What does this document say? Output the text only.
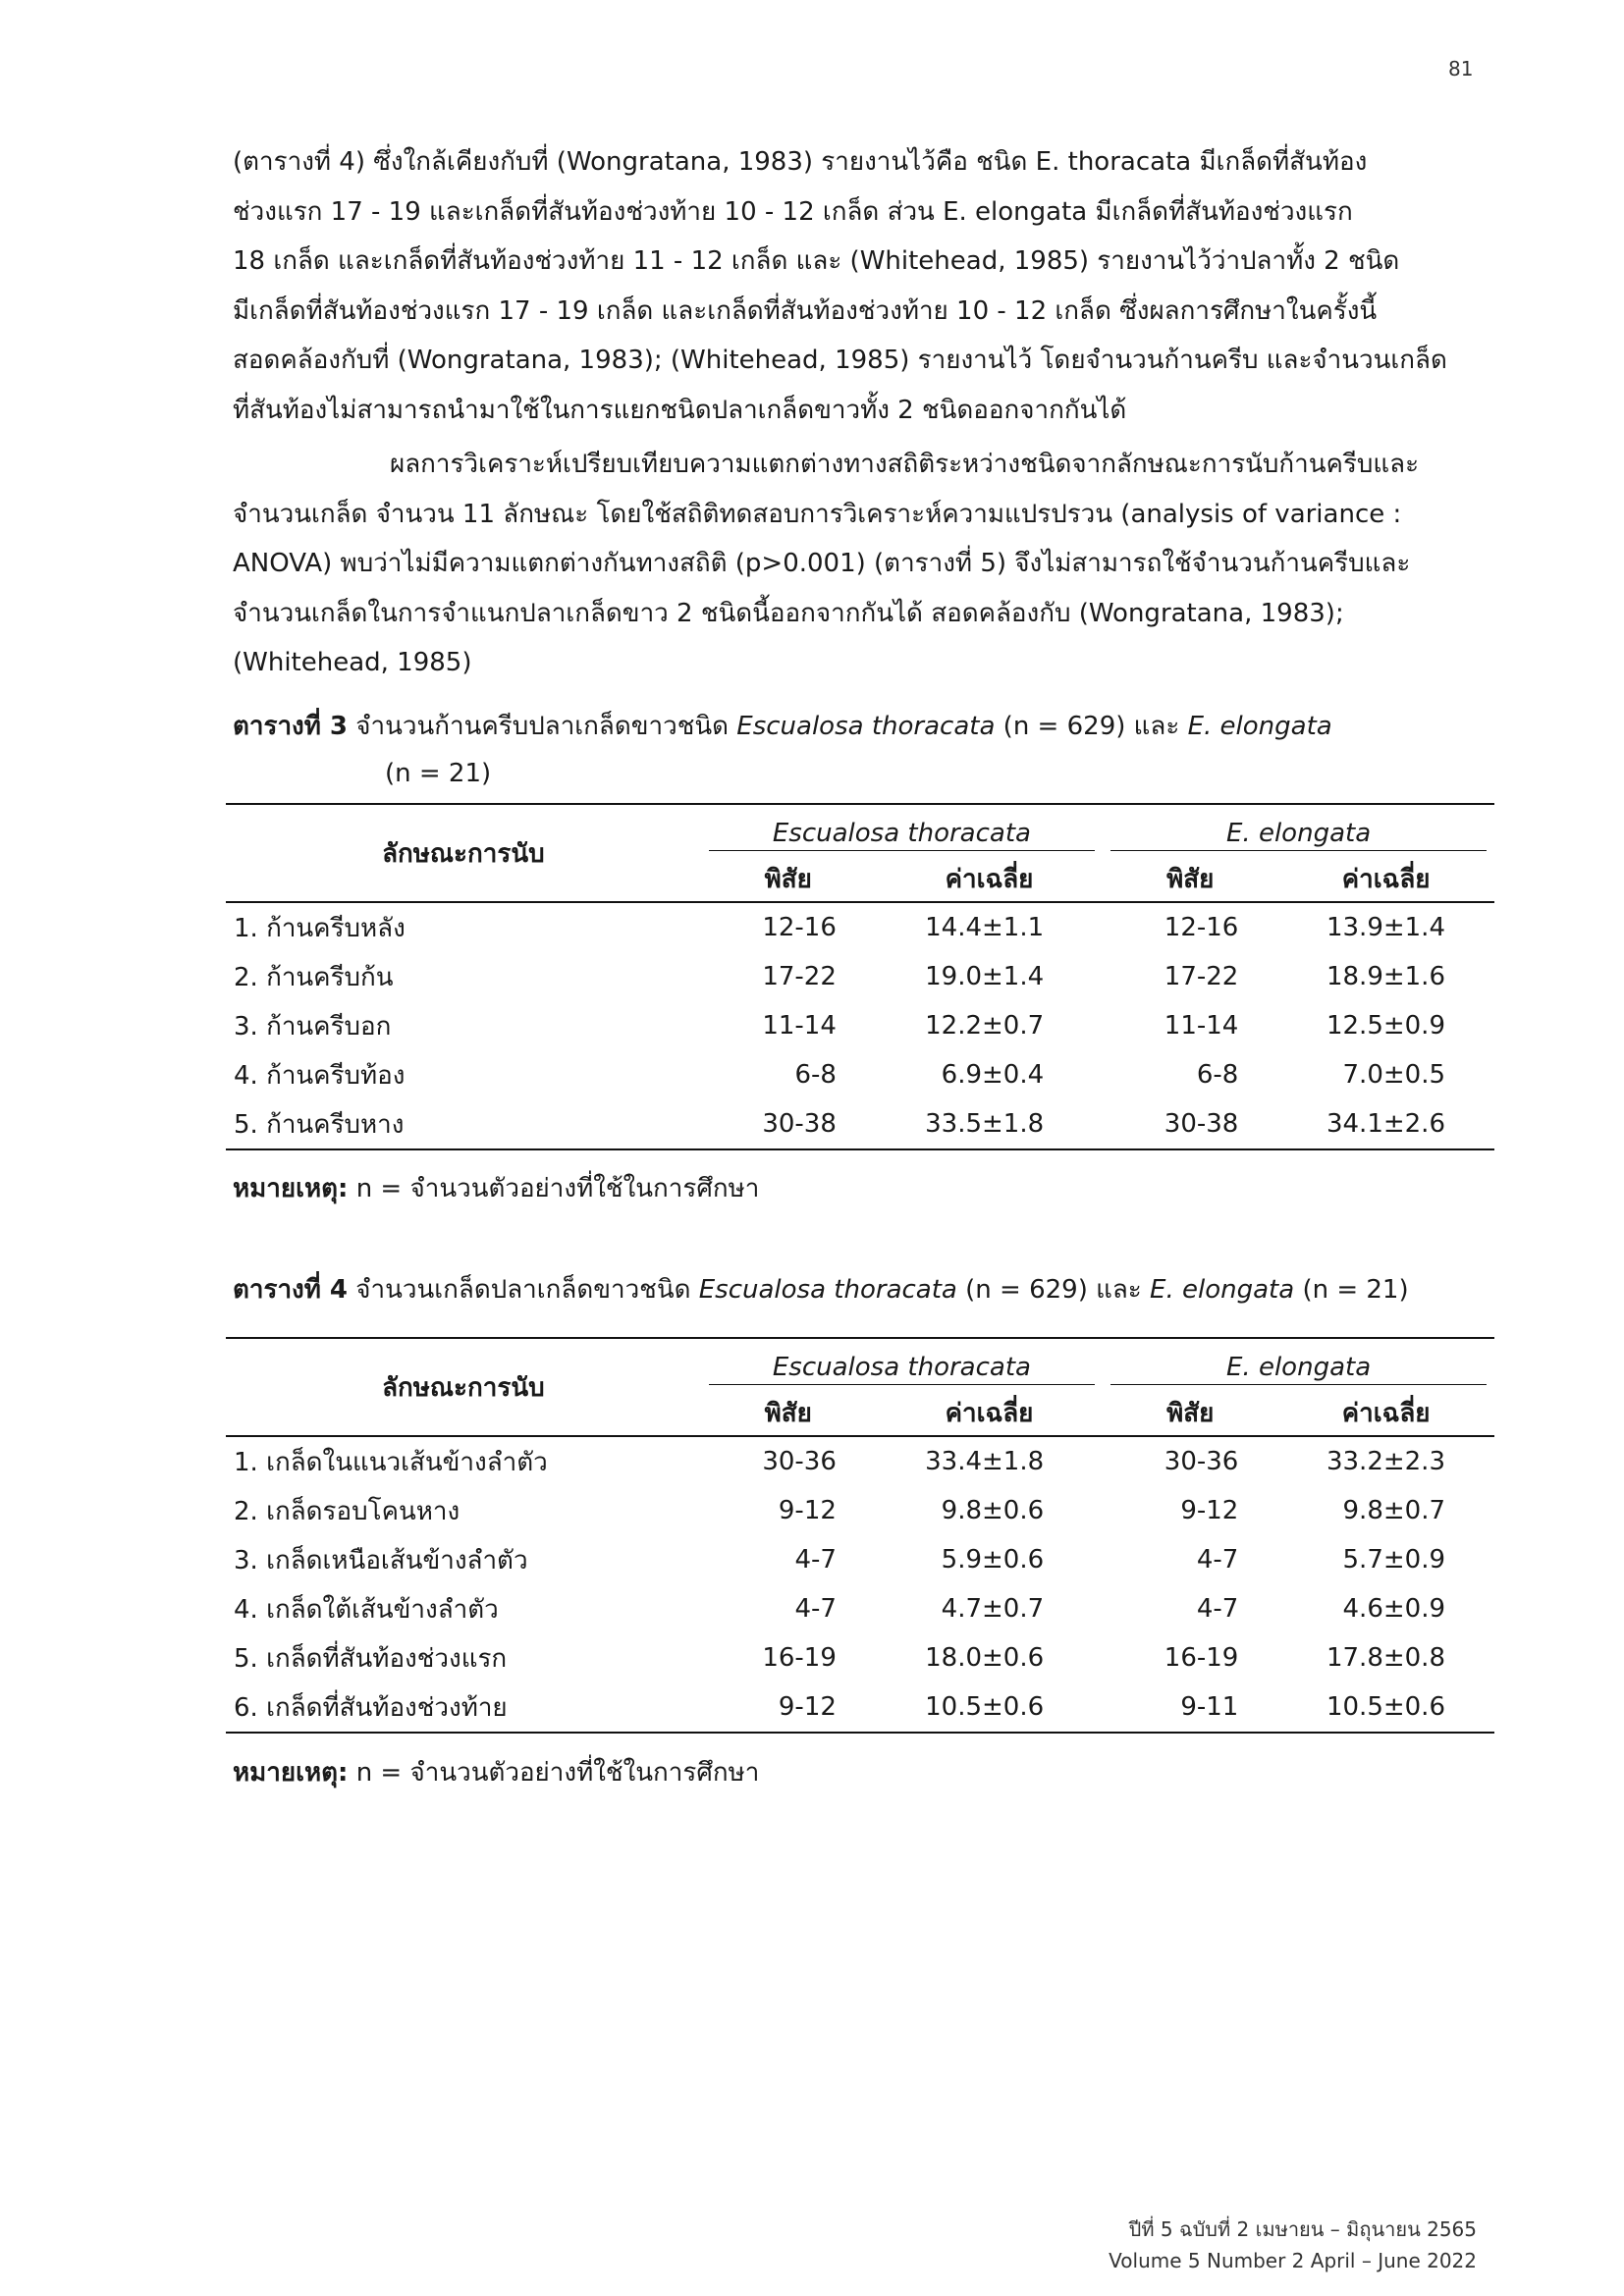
81
(ตารางที่ 4) ซึ่งใกล้เคียงกับที่ (Wongratana, 1983) รายงานไว้คือ ชนิด E. thoracata มีเกล็ดที่สันท้อง
ช่วงแรก 17 - 19 และเกล็ดที่สันท้องช่วงท้าย 10 - 12 เกล็ด ส่วน E. elongata มีเกล็ดที่สันท้องช่วงแรก
18 เกล็ด และเกล็ดที่สันท้องช่วงท้าย 11 - 12 เกล็ด และ (Whitehead, 1985) รายงานไว้ว่าปลาทั้ง 2 ชนิด
มีเกล็ดที่สันท้องช่วงแรก 17 - 19 เกล็ด และเกล็ดที่สันท้องช่วงท้าย 10 - 12 เกล็ด ซึ่งผลการศึกษาในครั้งนี้
สอดคล้องกับที่ (Wongratana, 1983); (Whitehead, 1985) รายงานไว้ โดยจำนวนก้านครีบ และจำนวนเกล็ด
ที่สันท้องไม่สามารถนำมาใช้ในการแยกชนิดปลาเกล็ดขาวทั้ง 2 ชนิดออกจากกันได้
ผลการวิเคราะห์เปรียบเทียบความแตกต่างทางสถิติระหว่างชนิดจากลักษณะการนับก้านครีบและ
จำนวนเกล็ด จำนวน 11 ลักษณะ โดยใช้สถิติทดสอบการวิเคราะห์ความแปรปรวน (analysis of variance :
ANOVA) พบว่าไม่มีความแตกต่างกันทางสถิติ (p>0.001) (ตารางที่ 5) จึงไม่สามารถใช้จำนวนก้านครีบและ
จำนวนเกล็ดในการจำแนกปลาเกล็ดขาว 2 ชนิดนี้ออกจากกันได้ สอดคล้องกับ (Wongratana, 1983);
(Whitehead, 1985)
ตารางที่ 3 จำนวนก้านครีบปลาเกล็ดขาวชนิด Escualosa thoracata (n = 629) และ E. elongata
(n = 21)
ลักษณะการนับ	Escualosa thoracata		E. elongata	

	พิสัย	ค่าเฉลี่ย	พิสัย	ค่าเฉลี่ย
1. ก้านครีบหลัง	12-16	14.4±1.1	12-16	13.9±1.4
2. ก้านครีบก้น	17-22	19.0±1.4	17-22	18.9±1.6
3. ก้านครีบอก	11-14	12.2±0.7	11-14	12.5±0.9
4. ก้านครีบท้อง	6-8	6.9±0.4	6-8	7.0±0.5
5. ก้านครีบหาง	30-38	33.5±1.8	30-38	34.1±2.6
หมายเหตุ: n = จำนวนตัวอย่างที่ใช้ในการศึกษา
ตารางที่ 4 จำนวนเกล็ดปลาเกล็ดขาวชนิด Escualosa thoracata (n = 629) และ E. elongata (n = 21)
ลักษณะการนับ	Escualosa thoracata		E. elongata	

	พิสัย	ค่าเฉลี่ย	พิสัย	ค่าเฉลี่ย
1. เกล็ดในแนวเส้นข้างลำตัว	30-36	33.4±1.8	30-36	33.2±2.3
2. เกล็ดรอบโคนหาง	9-12	9.8±0.6	9-12	9.8±0.7
3. เกล็ดเหนือเส้นข้างลำตัว	4-7	5.9±0.6	4-7	5.7±0.9
4. เกล็ดใต้เส้นข้างลำตัว	4-7	4.7±0.7	4-7	4.6±0.9
5. เกล็ดที่สันท้องช่วงแรก	16-19	18.0±0.6	16-19	17.8±0.8
6. เกล็ดที่สันท้องช่วงท้าย	9-12	10.5±0.6	9-11	10.5±0.6
หมายเหตุ: n = จำนวนตัวอย่างที่ใช้ในการศึกษา
ปีที่ 5 ฉบับที่ 2 เมษายน – มิถุนายน 2565
Volume 5 Number 2 April – June 2022
